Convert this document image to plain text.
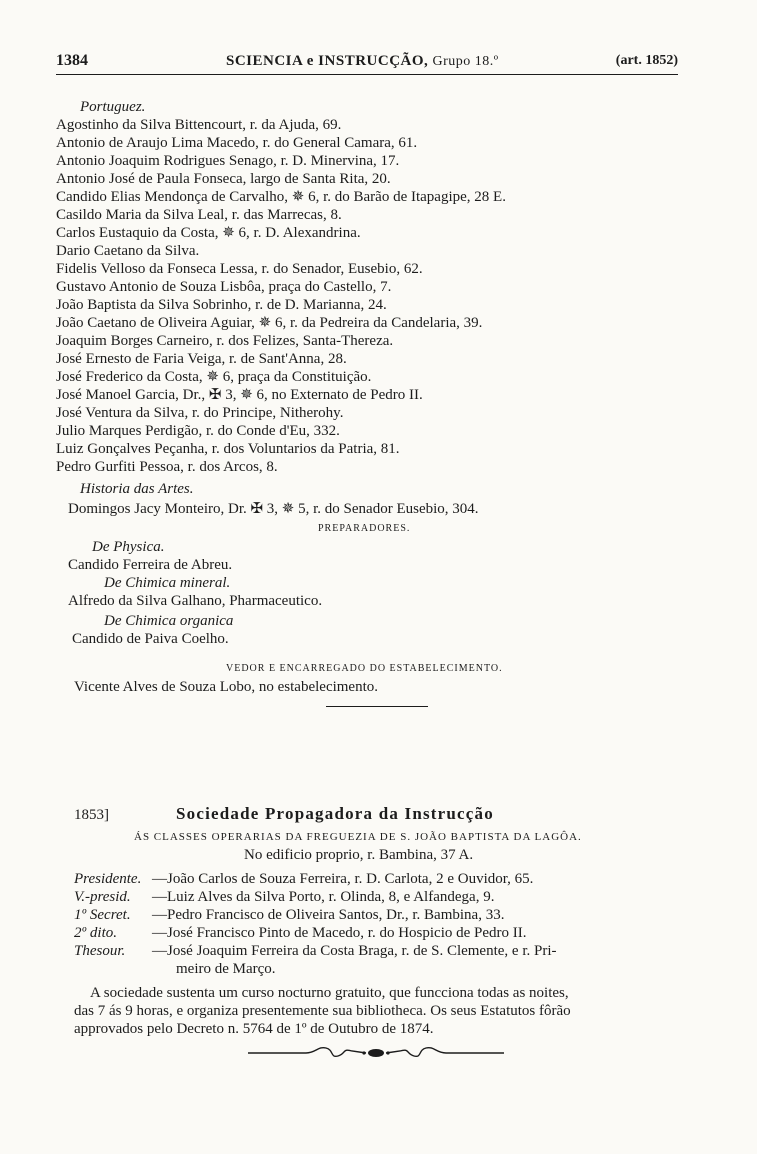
1384	SCIENCIA e INSTRUCÇÃO, Grupo 18.º	(art. 1852)
Portuguez.
Agostinho da Silva Bittencourt, r. da Ajuda, 69.
Antonio de Araujo Lima Macedo, r. do General Camara, 61.
Antonio Joaquim Rodrigues Senago, r. D. Minervina, 17.
Antonio José de Paula Fonseca, largo de Santa Rita, 20.
Candido Elias Mendonça de Carvalho, ✵ 6, r. do Barão de Itapagipe, 28 E.
Casildo Maria da Silva Leal, r. das Marrecas, 8.
Carlos Eustaquio da Costa, ✵ 6, r. D. Alexandrina.
Dario Caetano da Silva.
Fidelis Velloso da Fonseca Lessa, r. do Senador, Eusebio, 62.
Gustavo Antonio de Souza Lisbôa, praça do Castello, 7.
João Baptista da Silva Sobrinho, r. de D. Marianna, 24.
João Caetano de Oliveira Aguiar, ✵ 6, r. da Pedreira da Candelaria, 39.
Joaquim Borges Carneiro, r. dos Felizes, Santa-Thereza.
José Ernesto de Faria Veiga, r. de Sant'Anna, 28.
José Frederico da Costa, ✵ 6, praça da Constituição.
José Manoel Garcia, Dr., ✠ 3, ✵ 6, no Externato de Pedro II.
José Ventura da Silva, r. do Principe, Nitherohy.
Julio Marques Perdigão, r. do Conde d'Eu, 332.
Luiz Gonçalves Peçanha, r. dos Voluntarios da Patria, 81.
Pedro Gurfiti Pessoa, r. dos Arcos, 8.
Historia das Artes.
Domingos Jacy Monteiro, Dr. ✠ 3, ✵ 5, r. do Senador Eusebio, 304.
PREPARADORES.
De Physica.
Candido Ferreira de Abreu.
De Chimica mineral.
Alfredo da Silva Galhano, Pharmaceutico.
De Chimica organica
Candido de Paiva Coelho.
VEDOR E ENCARREGADO DO ESTABELECIMENTO.
Vicente Alves de Souza Lobo, no estabelecimento.
1853]	Sociedade Propagadora da Instrucção
ÁS CLASSES OPERARIAS DA FREGUEZIA DE S. JOÃO BAPTISTA DA LAGÔA.
No edificio proprio, r. Bambina, 37 A.
Presidente. —João Carlos de Souza Ferreira, r. D. Carlota, 2 e Ouvidor, 65.
V.-presid. —Luiz Alves da Silva Porto, r. Olinda, 8, e Alfandega, 9.
1º Secret. —Pedro Francisco de Oliveira Santos, Dr., r. Bambina, 33.
2º dito. —José Francisco Pinto de Macedo, r. do Hospicio de Pedro II.
Thesour. —José Joaquim Ferreira da Costa Braga, r. de S. Clemente, e r. Pri-
meiro de Março.
A sociedade sustenta um curso nocturno gratuito, que funcciona todas as noites,
das 7 ás 9 horas, e organiza presentemente sua bibliotheca. Os seus Estatutos fôrão
approvados pelo Decreto n. 5764 de 1º de Outubro de 1874.
